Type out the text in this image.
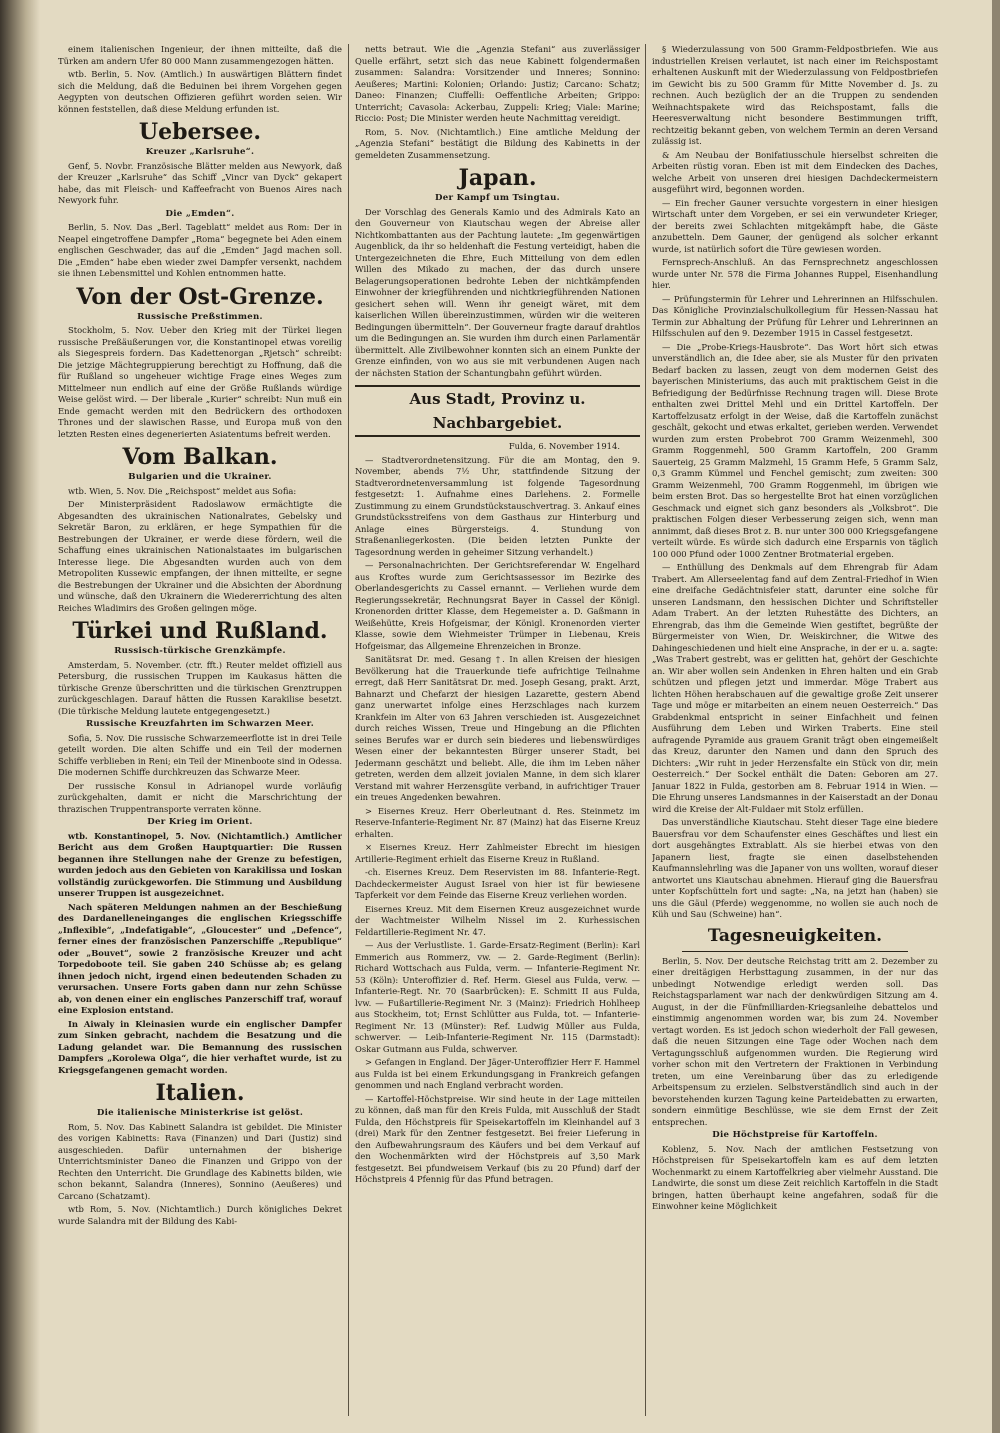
einem italienischen Ingenieur, der ihnen mitteilte, daß die Türken am andern Ufer 80 000 Mann zusammengezogen hätten.

wtb. Berlin, 5. Nov. (Amtlich.) In auswärtigen Blättern findet sich die Meldung, daß die Beduinen bei ihrem Vorgehen gegen Aegypten von deutschen Offizieren geführt worden seien. Wir können feststellen, daß diese Meldung erfunden ist.

Uebersee.
Kreuzer „Karlsruhe“.

Genf, 5. Novbr. Französische Blätter melden aus Newyork, daß der Kreuzer „Karlsruhe“ das Schiff „Vincr van Dyck“ gekapert habe, das mit Fleisch- und Kaffeefracht von Buenos Aires nach Newyork fuhr.

Die „Emden“.

Berlin, 5. Nov. Das „Berl. Tageblatt“ meldet aus Rom: Der in Neapel eingetroffene Dampfer „Roma“ begegnete bei Aden einem englischen Geschwader, das auf die „Emden“ Jagd machen soll. Die „Emden“ habe eben wieder zwei Dampfer versenkt, nachdem sie ihnen Lebensmittel und Kohlen entnommen hatte.

Von der Ost-Grenze.
Russische Preßstimmen.

Stockholm, 5. Nov. Ueber den Krieg mit der Türkei liegen russische Preßäußerungen vor, die Konstantinopel etwas voreilig als Siegespreis fordern. Das Kadettenorgan „Rjetsch“ schreibt: Die jetzige Mächtegruppierung berechtigt zu Hoffnung, daß die für Rußland so ungeheuer wichtige Frage eines Weges zum Mittelmeer nun endlich auf eine der Größe Rußlands würdige Weise gelöst wird. — Der liberale „Kurier“ schreibt: Nun muß ein Ende gemacht werden mit den Bedrückern des orthodoxen Thrones und der slawischen Rasse, und Europa muß von den letzten Resten eines degenerierten Asiatentums befreit werden.

Vom Balkan.
Bulgarien und die Ukrainer.

wtb. Wien, 5. Nov. Die „Reichspost“ meldet aus Sofia:

Der Ministerpräsident Radoslawow ermächtigte die Abgesandten des ukrainischen Nationalrates, Gebelsky und Sekretär Baron, zu erklären, er hege Sympathien für die Bestrebungen der Ukrainer, er werde diese fördern, weil die Schaffung eines ukrainischen Nationalstaates im bulgarischen Interesse liege. Die Abgesandten wurden auch von dem Metropoliten Kussewic empfangen, der ihnen mitteilte, er segne die Bestrebungen der Ukrainer und die Absichten der Abordnung und wünsche, daß den Ukrainern die Wiedererrichtung des alten Reiches Wladimirs des Großen gelingen möge.

Türkei und Rußland.
Russisch-türkische Grenzkämpfe.

Amsterdam, 5. November. (ctr. fft.) Reuter meldet offiziell aus Petersburg, die russischen Truppen im Kaukasus hätten die türkische Grenze überschritten und die türkischen Grenztruppen zurückgeschlagen. Darauf hätten die Russen Karakilise besetzt. (Die türkische Meldung lautete entgegengesetzt.)

Russische Kreuzfahrten im Schwarzen Meer.

Sofia, 5. Nov. Die russische Schwarzemeerflotte ist in drei Teile geteilt worden. Die alten Schiffe und ein Teil der modernen Schiffe verblieben in Reni; ein Teil der Minenboote sind in Odessa. Die modernen Schiffe durchkreuzen das Schwarze Meer.

Der russische Konsul in Adrianopel wurde vorläufig zurückgehalten, damit er nicht die Marschrichtung der thrazischen Truppentransporte verraten könne.

Der Krieg im Orient.

wtb. Konstantinopel, 5. Nov. (Nichtamtlich.) Amtlicher Bericht aus dem Großen Hauptquartier: Die Russen begannen ihre Stellungen nahe der Grenze zu befestigen, wurden jedoch aus den Gebieten von Karakilissa und Ioskan vollständig zurückgeworfen. Die Stimmung und Ausbildung unserer Truppen ist ausgezeichnet.

Nach späteren Meldungen nahmen an der Beschießung des Dardanelleneinganges die englischen Kriegsschiffe „Inflexible“, „Indefatigable“, „Gloucester“ und „Defence“, ferner eines der französischen Panzerschiffe „Republique“ oder „Bouvet“, sowie 2 französische Kreuzer und acht Torpedoboote teil. Sie gaben 240 Schüsse ab; es gelang ihnen jedoch nicht, irgend einen bedeutenden Schaden zu verursachen. Unsere Forts gaben dann nur zehn Schüsse ab, von denen einer ein englisches Panzerschiff traf, worauf eine Explosion entstand.

In Aiwaly in Kleinasien wurde ein englischer Dampfer zum Sinken gebracht, nachdem die Besatzung und die Ladung gelandet war. Die Bemannung des russischen Dampfers „Korolewa Olga“, die hier verhaftet wurde, ist zu Kriegsgefangenen gemacht worden.

Italien.
Die italienische Ministerkrise ist gelöst.

Rom, 5. Nov. Das Kabinett Salandra ist gebildet. Die Minister des vorigen Kabinetts: Rava (Finanzen) und Dari (Justiz) sind ausgeschieden. Dafür unternahmen der bisherige Unterrichtsminister Daneo die Finanzen und Grippo von der Rechten den Unterricht. Die Grundlage des Kabinetts bilden, wie schon bekannt, Salandra (Inneres), Sonnino (Aeußeres) und Carcano (Schatzamt).

wtb Rom, 5. Nov. (Nichtamtlich.) Durch königliches Dekret wurde Salandra mit der Bildung des Kabi-

netts betraut. Wie die „Agenzia Stefani“ aus zuverlässiger Quelle erfährt, setzt sich das neue Kabinett folgendermaßen zusammen: Salandra: Vorsitzender und Inneres; Sonnino: Aeußeres; Martini: Kolonien; Orlando: Justiz; Carcano: Schatz; Daneo: Finanzen; Ciuffelli: Oeffentliche Arbeiten; Grippo: Unterricht; Cavasola: Ackerbau, Zuppeli: Krieg; Viale: Marine; Riccio: Post; Die Minister werden heute Nachmittag vereidigt.

Rom, 5. Nov. (Nichtamtlich.) Eine amtliche Meldung der „Agenzia Stefani“ bestätigt die Bildung des Kabinetts in der gemeldeten Zusammensetzung.

Japan.
Der Kampf um Tsingtau.

Der Vorschlag des Generals Kamio und des Admirals Kato an den Gouverneur von Kiautschau wegen der Abreise aller Nichtkombattanten aus der Pachtung lautete: „Im gegenwärtigen Augenblick, da ihr so heldenhaft die Festung verteidigt, haben die Untergezeichneten die Ehre, Euch Mitteilung von dem edlen Willen des Mikado zu machen, der das durch unsere Belagerungsoperationen bedrohte Leben der nichtkämpfenden Einwohner der kriegführenden und nichtkriegführenden Nationen gesichert sehen will. Wenn ihr geneigt wäret, mit dem kaiserlichen Willen übereinzustimmen, würden wir die weiteren Bedingungen übermitteln“. Der Gouverneur fragte darauf drahtlos um die Bedingungen an. Sie wurden ihm durch einen Parlamentär übermittelt. Alle Zivilbewohner konnten sich an einem Punkte der Grenze einfinden, von wo aus sie mit verbundenen Augen nach der nächsten Station der Schantungbahn geführt würden.

Aus Stadt, Provinz u. Nachbargebiet.
Fulda, 6. November 1914.

— Stadtverordnetensitzung. Für die am Montag, den 9. November, abends 7½ Uhr, stattfindende Sitzung der Stadtverordnetenversammlung ist folgende Tagesordnung festgesetzt: 1. Aufnahme eines Darlehens. 2. Formelle Zustimmung zu einem Grundstückstauschvertrag. 3. Ankauf eines Grundstücksstreifens von dem Gasthaus zur Hinterburg und Anlage eines Bürgersteigs. 4. Stundung von Straßenanliegerkosten. (Die beiden letzten Punkte der Tagesordnung werden in geheimer Sitzung verhandelt.)

— Personalnachrichten. Der Gerichtsreferendar W. Engelhard aus Kroftes wurde zum Gerichtsassessor im Bezirke des Oberlandesgerichts zu Cassel ernannt. — Verliehen wurde dem Regierungssekretär, Rechnungsrat Bayer in Cassel der Königl. Kronenorden dritter Klasse, dem Hegemeister a. D. Gaßmann in Weißehütte, Kreis Hofgeismar, der Königl. Kronenorden vierter Klasse, sowie dem Wiehmeister Trümper in Liebenau, Kreis Hofgeismar, das Allgemeine Ehrenzeichen in Bronze.

Sanitätsrat Dr. med. Gesang †. In allen Kreisen der hiesigen Bevölkerung hat die Trauerkunde tiefe aufrichtige Teilnahme erregt, daß Herr Sanitätsrat Dr. med. Joseph Gesang, prakt. Arzt, Bahnarzt und Chefarzt der hiesigen Lazarette, gestern Abend ganz unerwartet infolge eines Herzschlages nach kurzem Krankfein im Alter von 63 Jahren verschieden ist. Ausgezeichnet durch reiches Wissen, Treue und Hingebung an die Pflichten seines Berufes war er durch sein biederes und liebenswürdiges Wesen einer der bekanntesten Bürger unserer Stadt, bei Jedermann geschätzt und beliebt. Alle, die ihm im Leben näher getreten, werden dem allzeit jovialen Manne, in dem sich klarer Verstand mit wahrer Herzensgüte verband, in aufrichtiger Trauer ein treues Angedenken bewahren.

> Eisernes Kreuz. Herr Oberleutnant d. Res. Steinmetz im Reserve-Infanterie-Regiment Nr. 87 (Mainz) hat das Eiserne Kreuz erhalten.

× Eisernes Kreuz. Herr Zahlmeister Ebrecht im hiesigen Artillerie-Regiment erhielt das Eiserne Kreuz in Rußland.

-ch. Eisernes Kreuz. Dem Reservisten im 88. Infanterie-Regt. Dachdeckermeister August Israel von hier ist für bewiesene Tapferkeit vor dem Feinde das Eiserne Kreuz verliehen worden.

Eisernes Kreuz. Mit dem Eisernen Kreuz ausgezeichnet wurde der Wachtmeister Wilhelm Nissel im 2. Kurhessischen Feldartillerie-Regiment Nr. 47.

— Aus der Verlustliste. 1. Garde-Ersatz-Regiment (Berlin): Karl Emmerich aus Rommerz, vw. — 2. Garde-Regiment (Berlin): Richard Wottschach aus Fulda, verm. — Infanterie-Regiment Nr. 53 (Köln): Unteroffizier d. Ref. Herm. Giesel aus Fulda, verw. — Infanterie-Regt. Nr. 70 (Saarbrücken): E. Schmitt II aus Fulda, lvw. — Fußartillerie-Regiment Nr. 3 (Mainz): Friedrich Hohlheep aus Stockheim, tot; Ernst Schlütter aus Fulda, tot. — Infanterie-Regiment Nr. 13 (Münster): Ref. Ludwig Müller aus Fulda, schwerver. — Leib-Infanterie-Regiment Nr. 115 (Darmstadt): Oskar Gutmann aus Fulda, schwerver.

> Gefangen in England. Der Jäger-Unteroffizier Herr F. Hammel aus Fulda ist bei einem Erkundungsgang in Frankreich gefangen genommen und nach England verbracht worden.

— Kartoffel-Höchstpreise. Wir sind heute in der Lage mitteilen zu können, daß man für den Kreis Fulda, mit Ausschluß der Stadt Fulda, den Höchstpreis für Speisekartoffeln im Kleinhandel auf 3 (drei) Mark für den Zentner festgesetzt. Bei freier Lieferung in den Aufbewahrungsraum des Käufers und bei dem Verkauf auf den Wochenmärkten wird der Höchstpreis auf 3,50 Mark festgesetzt. Bei pfundweisem Verkauf (bis zu 20 Pfund) darf der Höchstpreis 4 Pfennig für das Pfund betragen.

§ Wiederzulassung von 500 Gramm-Feldpostbriefen. Wie aus industriellen Kreisen verlautet, ist nach einer im Reichspostamt erhaltenen Auskunft mit der Wiederzulassung von Feldpostbriefen im Gewicht bis zu 500 Gramm für Mitte November d. Js. zu rechnen. Auch bezüglich der an die Truppen zu sendenden Weihnachtspakete wird das Reichspostamt, falls die Heeresverwaltung nicht besondere Bestimmungen trifft, rechtzeitig bekannt geben, von welchem Termin an deren Versand zulässig ist.

& Am Neubau der Bonifatiusschule hierselbst schreiten die Arbeiten rüstig voran. Eben ist mit dem Eindecken des Daches, welche Arbeit von unseren drei hiesigen Dachdeckermeistern ausgeführt wird, begonnen worden.

— Ein frecher Gauner versuchte vorgestern in einer hiesigen Wirtschaft unter dem Vorgeben, er sei ein verwundeter Krieger, der bereits zwei Schlachten mitgekämpft habe, die Gäste anzubetteln. Dem Gauner, der genügend als solcher erkannt wurde, ist natürlich sofort die Türe gewiesen worden.

Fernsprech-Anschluß. An das Fernsprechnetz angeschlossen wurde unter Nr. 578 die Firma Johannes Ruppel, Eisenhandlung hier.

— Prüfungstermin für Lehrer und Lehrerinnen an Hilfsschulen. Das Königliche Provinzialschulkollegium für Hessen-Nassau hat Termin zur Abhaltung der Prüfung für Lehrer und Lehrerinnen an Hilfsschulen auf den 9. Dezember 1915 in Cassel festgesetzt.

— Die „Probe-Kriegs-Hausbrote“. Das Wort hört sich etwas unverständlich an, die Idee aber, sie als Muster für den privaten Bedarf backen zu lassen, zeugt von dem modernen Geist des bayerischen Ministeriums, das auch mit praktischem Geist in die Befriedigung der Bedürfnisse Rechnung tragen will. Diese Brote enthalten zwei Drittel Mehl und ein Drittel Kartoffeln. Der Kartoffelzusatz erfolgt in der Weise, daß die Kartoffeln zunächst geschält, gekocht und etwas erkaltet, gerieben werden. Verwendet wurden zum ersten Probebrot 700 Gramm Weizenmehl, 300 Gramm Roggenmehl, 500 Gramm Kartoffeln, 200 Gramm Sauerteig, 25 Gramm Malzmehl, 15 Gramm Hefe, 5 Gramm Salz, 0,3 Gramm Kümmel und Fenchel gemischt; zum zweiten: 300 Gramm Weizenmehl, 700 Gramm Roggenmehl, im übrigen wie beim ersten Brot. Das so hergestellte Brot hat einen vorzüglichen Geschmack und eignet sich ganz besonders als „Volksbrot“. Die praktischen Folgen dieser Verbesserung zeigen sich, wenn man annimmt, daß dieses Brot z. B. nur unter 300 000 Kriegsgefangene verteilt würde. Es würde sich dadurch eine Ersparnis von täglich 100 000 Pfund oder 1000 Zentner Brotmaterial ergeben.

— Enthüllung des Denkmals auf dem Ehrengrab für Adam Trabert. Am Allerseelentag fand auf dem Zentral-Friedhof in Wien eine dreifache Gedächtnisfeier statt, darunter eine solche für unseren Landsmann, den hessischen Dichter und Schriftsteller Adam Trabert. An der letzten Ruhestätte des Dichters, an Ehrengrab, das ihm die Gemeinde Wien gestiftet, begrüßte der Bürgermeister von Wien, Dr. Weiskirchner, die Witwe des Dahingeschiedenen und hielt eine Ansprache, in der er u. a. sagte: „Was Trabert gestrebt, was er gelitten hat, gehört der Geschichte an. Wir aber wollen sein Andenken in Ehren halten und ein Grab schützen und pflegen jetzt und immerdar. Möge Trabert aus lichten Höhen herabschauen auf die gewaltige große Zeit unserer Tage und möge er mitarbeiten an einem neuen Oesterreich.“ Das Grabdenkmal entspricht in seiner Einfachheit und feinen Ausführung dem Leben und Wirken Traberts. Eine steil aufragende Pyramide aus grauem Granit trägt oben eingemeißelt das Kreuz, darunter den Namen und dann den Spruch des Dichters: „Wir ruht in jeder Herzensfalte ein Stück von dir, mein Oesterreich.“ Der Sockel enthält die Daten: Geboren am 27. Januar 1822 in Fulda, gestorben am 8. Februar 1914 in Wien. — Die Ehrung unseres Landsmannes in der Kaiserstadt an der Donau wird die Kreise der Alt-Fuldaer mit Stolz erfüllen.

Das unverständliche Kiautschau. Steht dieser Tage eine biedere Bauersfrau vor dem Schaufenster eines Geschäftes und liest ein dort ausgehängtes Extrablatt. Als sie hierbei etwas von den Japanern liest, fragte sie einen daselbstehenden Kaufmannslehrling was die Japaner von uns wollten, worauf dieser antwortet uns Kiautschau abnehmen. Hierauf ging die Bauersfrau unter Kopfschütteln fort und sagte: „Na, na jetzt han (haben) sie uns die Gäul (Pferde) weggenomme, no wollen sie auch noch de Küh und Sau (Schweine) han“.

Tagesneuigkeiten.

Berlin, 5. Nov. Der deutsche Reichstag tritt am 2. Dezember zu einer dreitägigen Herbsttagung zusammen, in der nur das unbedingt Notwendige erledigt werden soll. Das Reichstagsparlament war nach der denkwürdigen Sitzung am 4. August, in der die Fünfmilliarden-Kriegsanleihe debattelos und einstimmig angenommen worden war, bis zum 24. November vertagt worden. Es ist jedoch schon wiederholt der Fall gewesen, daß die neuen Sitzungen eine Tage oder Wochen nach dem Vertagungsschluß aufgenommen wurden. Die Regierung wird vorher schon mit den Vertretern der Fraktionen in Verbindung treten, um eine Vereinbarung über das zu erledigende Arbeitspensum zu erzielen. Selbstverständlich sind auch in der bevorstehenden kurzen Tagung keine Parteidebatten zu erwarten, sondern einmütige Beschlüsse, wie sie dem Ernst der Zeit entsprechen.

Die Höchstpreise für Kartoffeln.

Koblenz, 5. Nov. Nach der amtlichen Festsetzung von Höchstpreisen für Speisekartoffeln kam es auf dem letzten Wochenmarkt zu einem Kartoffelkrieg aber vielmehr Ausstand. Die Landwirte, die sonst um diese Zeit reichlich Kartoffeln in die Stadt bringen, hatten überhaupt keine angefahren, sodaß für die Einwohner keine Möglichkeit
